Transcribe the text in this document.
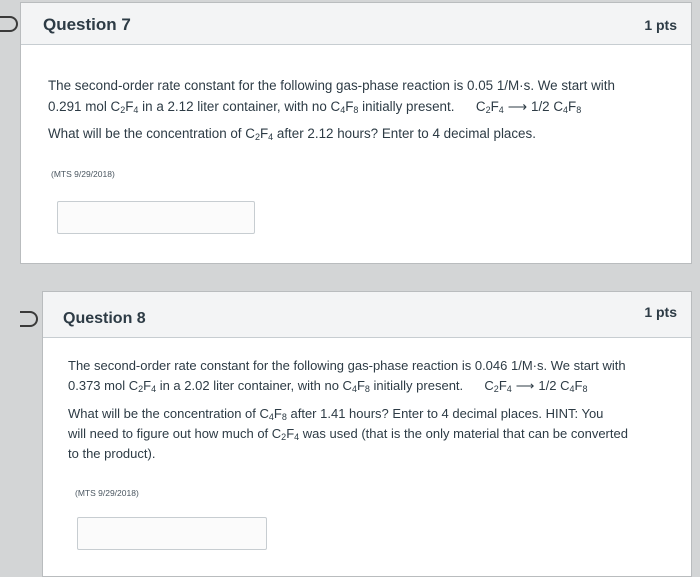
Question 7	1 pts

The second-order rate constant for the following gas-phase reaction is 0.05 1/M·s. We start with

0.291 mol $C_2F_4$ in a 2.12 liter container, with no $C_4F_8$ initially present. $C_2F_4$ ⟶ 1/2 $C_4F_8$

What will be the concentration of $C_2F_4$ after 2.12 hours? Enter to 4 decimal places.

(MTS 9/29/2018)
Question 8	1 pts

The second-order rate constant for the following gas-phase reaction is 0.046 1/M·s. We start with

0.373 mol $C_2F_4$ in a 2.02 liter container, with no $C_4F_8$ initially present. $C_2F_4$ ⟶ 1/2 $C_4F_8$

What will be the concentration of $C_4F_8$ after 1.41 hours? Enter to 4 decimal places. HINT: You

will need to figure out how much of $C_2F_4$ was used (that is the only material that can be converted

to the product).

(MTS 9/29/2018)
